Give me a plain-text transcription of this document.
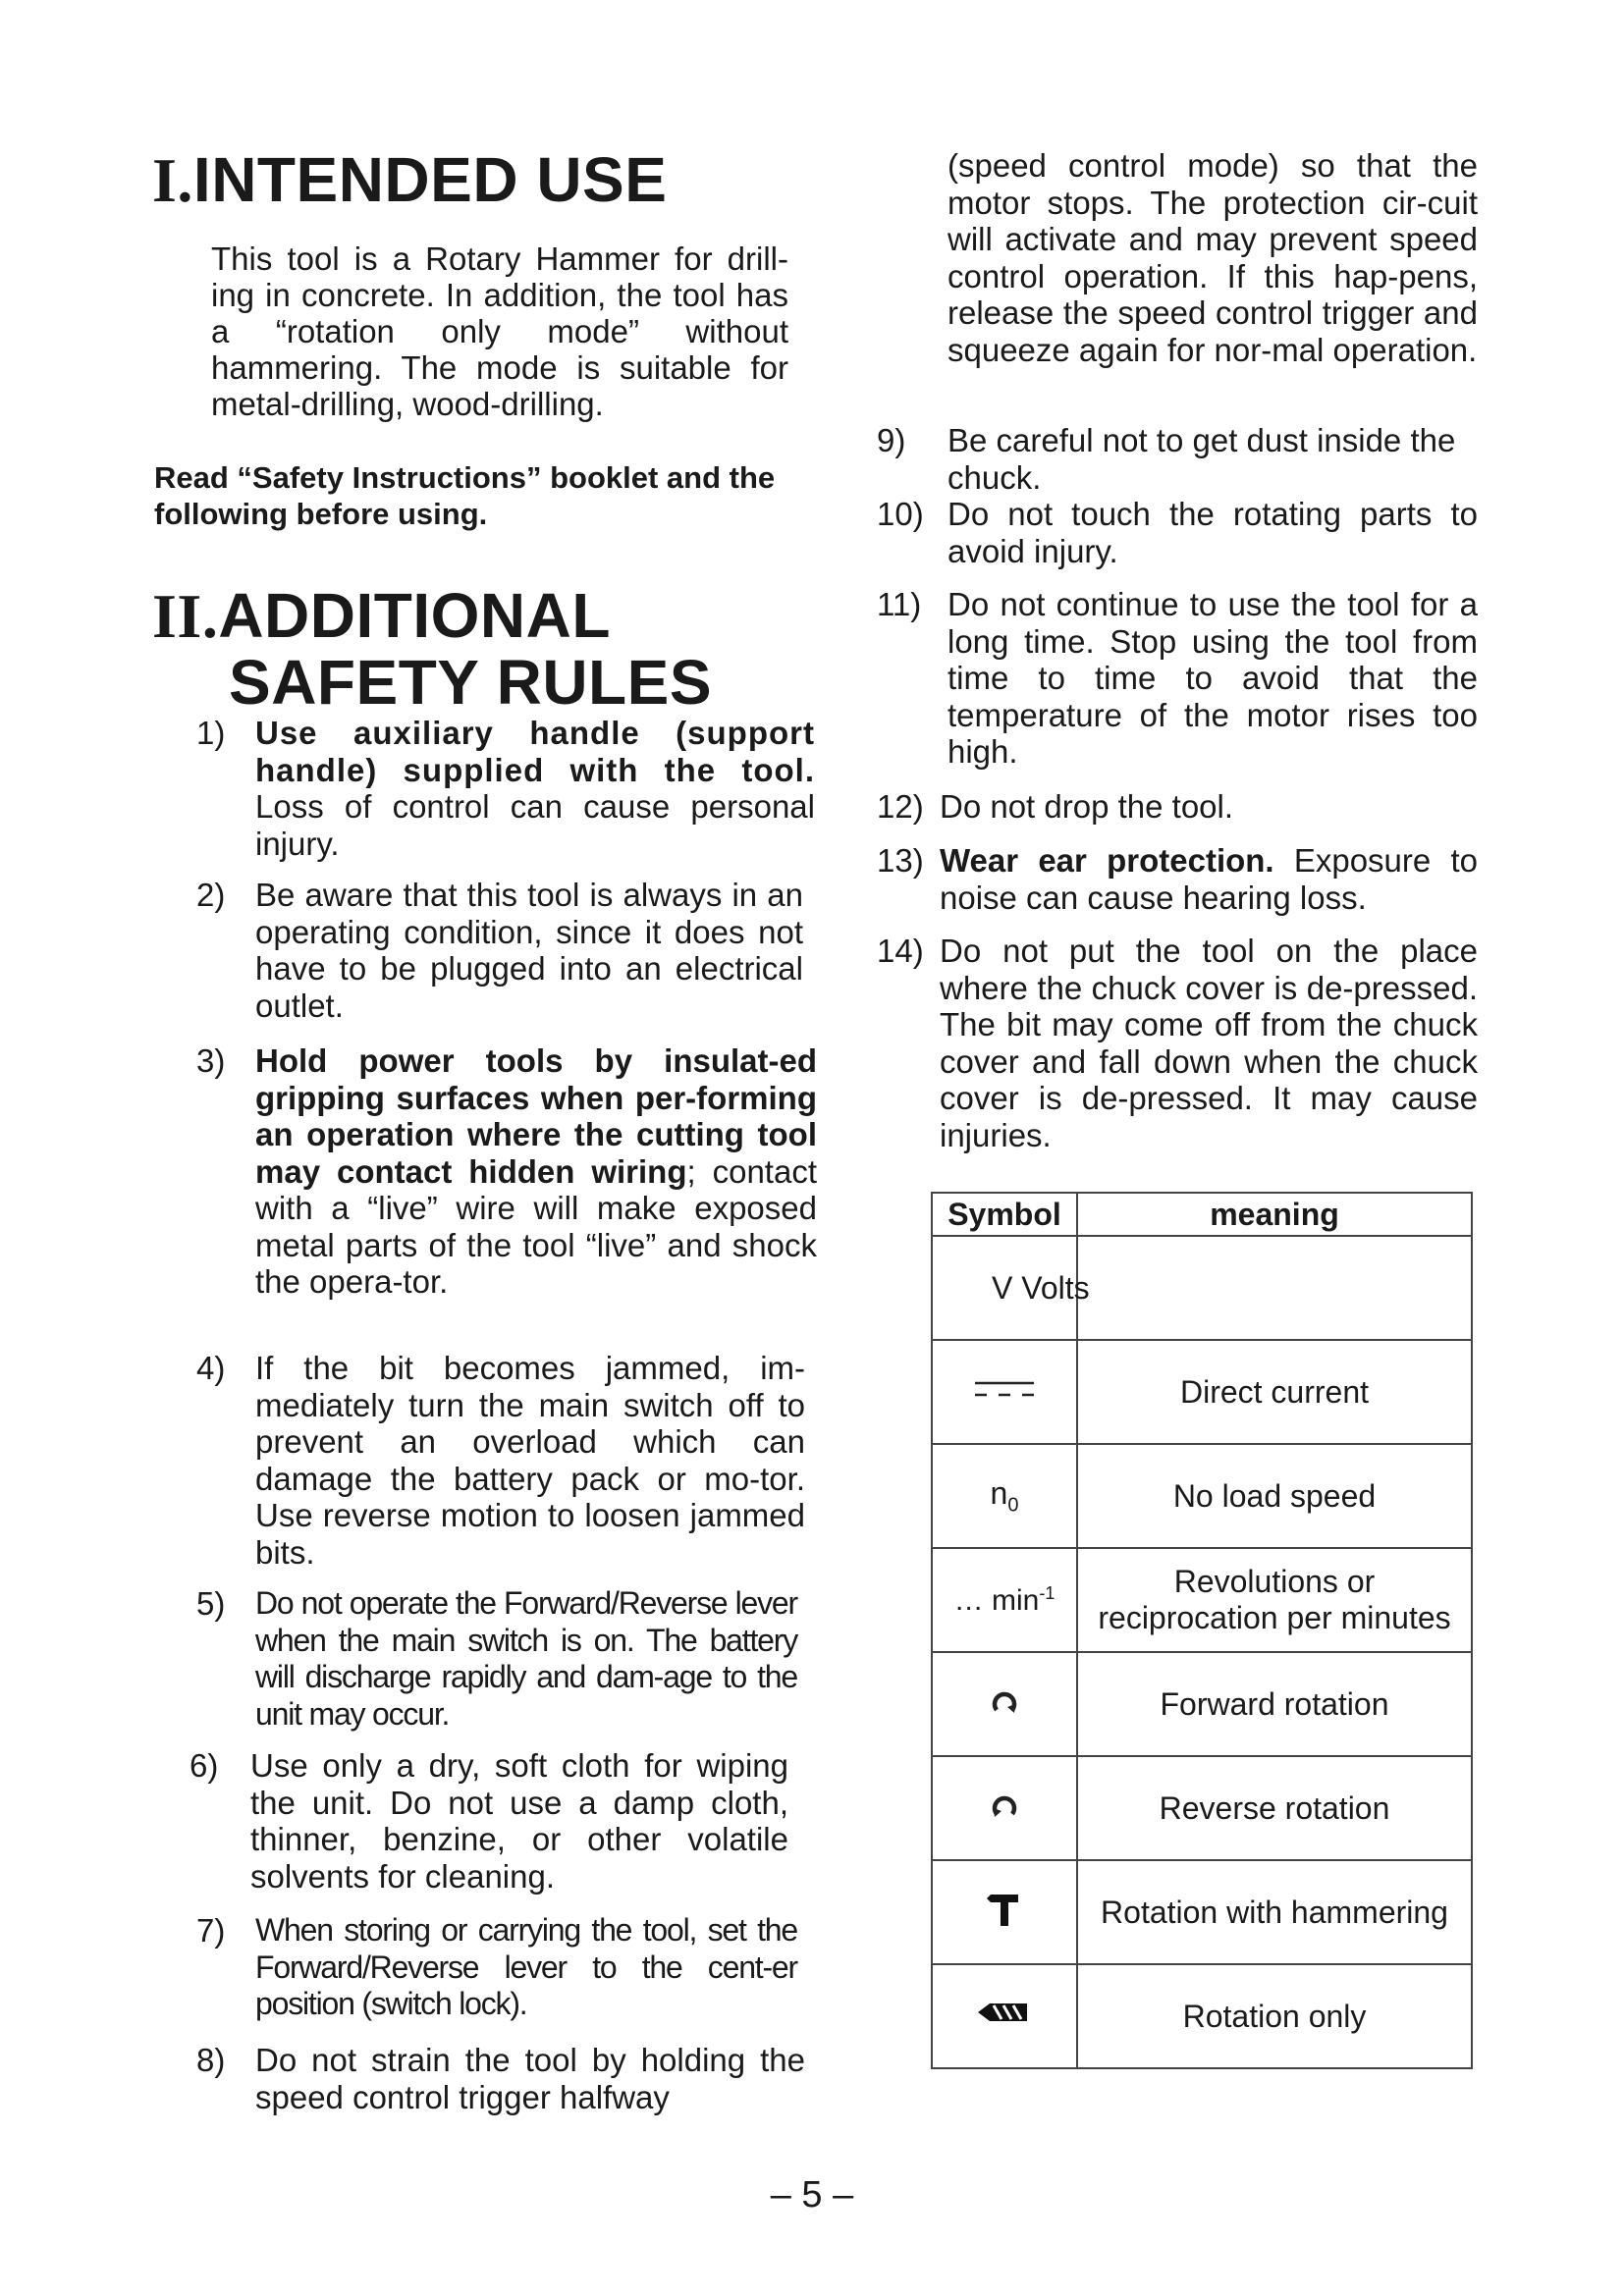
I.INTENDED USE
This tool is a Rotary Hammer for drill-ing in concrete. In addition, the tool has a “rotation only mode” without hammering. The mode is suitable for metal-drilling, wood-drilling.
Read “Safety Instructions” booklet and the following before using.
II.ADDITIONAL
SAFETY RULES
1) Use auxiliary handle (support handle) supplied with the tool. Loss of control can cause personal injury.
2) Be aware that this tool is always in an operating condition, since it does not have to be plugged into an electrical outlet.
3) Hold power tools by insulat-ed gripping surfaces when per-forming an operation where the cutting tool may contact hidden wiring; contact with a “live” wire will make exposed metal parts of the tool “live” and shock the opera-tor.
4) If the bit becomes jammed, im-mediately turn the main switch off to prevent an overload which can damage the battery pack or mo-tor. Use reverse motion to loosen jammed bits.
5) Do not operate the Forward/Reverse lever when the main switch is on. The battery will discharge rapidly and dam-age to the unit may occur.
6) Use only a dry, soft cloth for wiping the unit. Do not use a damp cloth, thinner, benzine, or other volatile solvents for cleaning.
7) When storing or carrying the tool, set the Forward/Reverse lever to the cent-er position (switch lock).
8) Do not strain the tool by holding the speed control trigger halfway
(speed control mode) so that the motor stops. The protection cir-cuit will activate and may prevent speed control operation. If this hap-pens, release the speed control trigger and squeeze again for nor-mal operation.
9) Be careful not to get dust inside the chuck.
10) Do not touch the rotating parts to avoid injury.
11) Do not continue to use the tool for a long time. Stop using the tool from time to time to avoid that the temperature of the motor rises too high.
12) Do not drop the tool.
13) Wear ear protection. Exposure to noise can cause hearing loss.
14) Do not put the tool on the place where the chuck cover is de-pressed. The bit may come off from the chuck cover and fall down when the chuck cover is de-pressed. It may cause injuries.
Symbol	meaning

V Volts	

	Direct current
$n_0$	No load speed
… $\min^{-1}$	Revolutions or reciprocation per minutes
	Forward rotation
	Reverse rotation
	Rotation with hammering
	Rotation only
– 5 –
